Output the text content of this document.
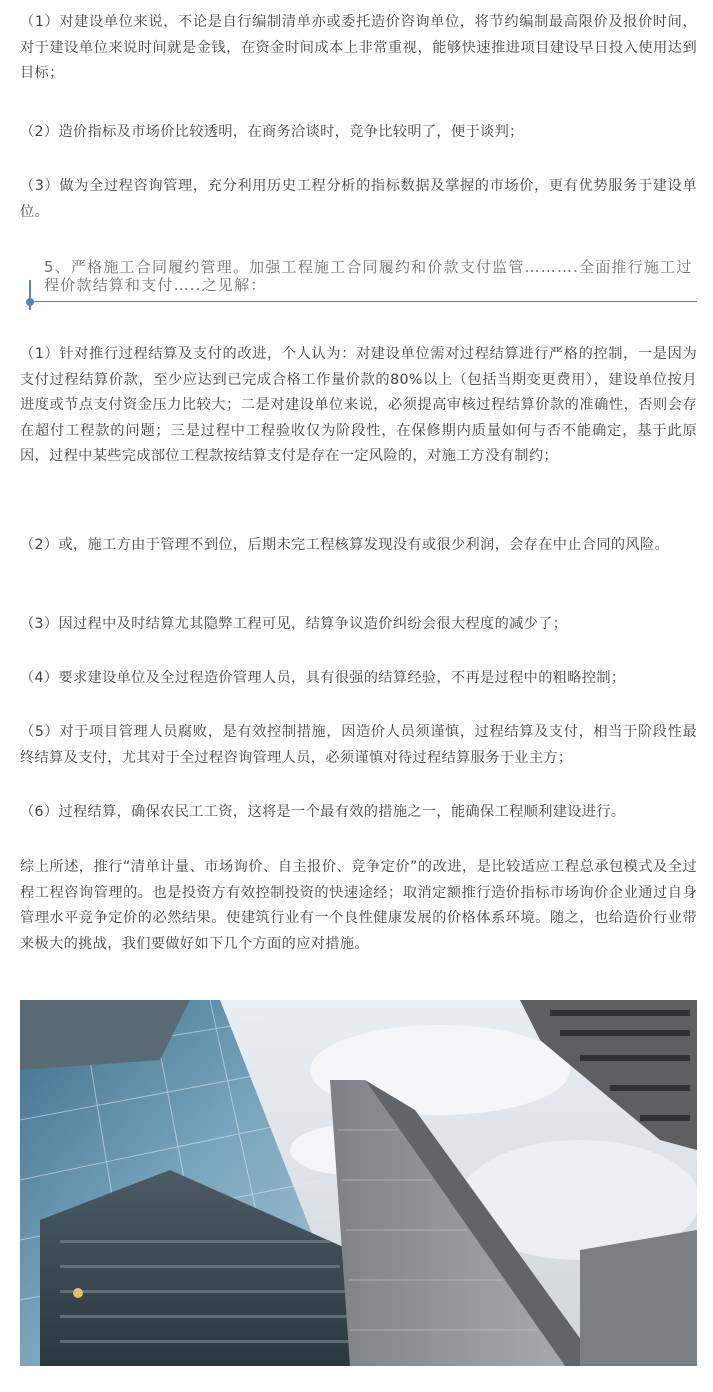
（1）对建设单位来说，不论是自行编制清单亦或委托造价咨询单位，将节约编制最高限价及报价时间，对于建设单位来说时间就是金钱，在资金时间成本上非常重视，能够快速推进项目建设早日投入使用达到目标；

（2）造价指标及市场价比较透明，在商务洽谈时，竞争比较明了，便于谈判；

（3）做为全过程咨询管理，充分利用历史工程分析的指标数据及掌握的市场价，更有优势服务于建设单位。

5、严格施工合同履约管理。加强工程施工合同履约和价款支付监管……….全面推行施工过程价款结算和支付…..之见解：

（1）针对推行过程结算及支付的改进，个人认为：对建设单位需对过程结算进行严格的控制，一是因为支付过程结算价款，至少应达到已完成合格工作量价款的80%以上（包括当期变更费用），建设单位按月进度或节点支付资金压力比较大；二是对建设单位来说，必须提高审核过程结算价款的准确性，否则会存在超付工程款的问题；三是过程中工程验收仅为阶段性，在保修期内质量如何与否不能确定，基于此原因，过程中某些完成部位工程款按结算支付是存在一定风险的，对施工方没有制约；

（2）或，施工方由于管理不到位，后期未完工程核算发现没有或很少利润，会存在中止合同的风险。

（3）因过程中及时结算尤其隐弊工程可见，结算争议造价纠纷会很大程度的减少了；

（4）要求建设单位及全过程造价管理人员，具有很强的结算经验，不再是过程中的粗略控制；

（5）对于项目管理人员腐败，是有效控制措施，因造价人员须谨慎，过程结算及支付，相当于阶段性最终结算及支付，尤其对于全过程咨询管理人员，必须谨慎对待过程结算服务于业主方；

（6）过程结算，确保农民工工资，这将是一个最有效的措施之一，能确保工程顺利建设进行。

综上所述，推行“清单计量、市场询价、自主报价、竞争定价”的改进，是比较适应工程总承包模式及全过程工程咨询管理的。也是投资方有效控制投资的快速途经；取消定额推行造价指标市场询价企业通过自身管理水平竞争定价的必然结果。使建筑行业有一个良性健康发展的价格体系环境。随之，也给造价行业带来极大的挑战，我们要做好如下几个方面的应对措施。
